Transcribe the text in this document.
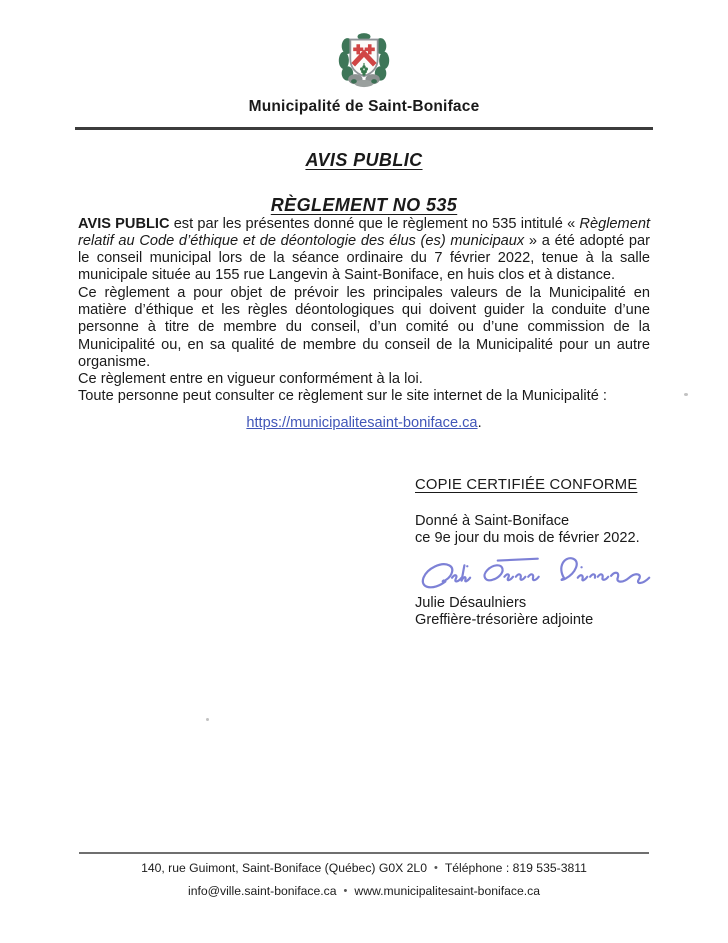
Municipalité de Saint-Boniface
AVIS PUBLIC
RÈGLEMENT NO 535

AVIS PUBLIC est par les présentes donné que le règlement no 535 intitulé « Règlement relatif au Code d’éthique et de déontologie des élus (es) municipaux » a été adopté par le conseil municipal lors de la séance ordinaire du 7 février 2022, tenue à la salle municipale située au 155 rue Langevin à Saint-Boniface, en huis clos et à distance.

Ce règlement a pour objet de prévoir les principales valeurs de la Municipalité en matière d’éthique et les règles déontologiques qui doivent guider la conduite d’une personne à titre de membre du conseil, d’un comité ou d’une commission de la Municipalité ou, en sa qualité de membre du conseil de la Municipalité pour un autre organisme.

Ce règlement entre en vigueur conformément à la loi.

Toute personne peut consulter ce règlement sur le site internet de la Municipalité :

https://municipalitesaint-boniface.ca.
COPIE CERTIFIÉE CONFORME
Donné à Saint-Boniface
ce 9e jour du mois de février 2022.
Julie Désaulniers
Greffière-trésorière adjointe
140, rue Guimont, Saint-Boniface (Québec) G0X 2L0 • Téléphone : 819 535-3811
info@ville.saint-boniface.ca • www.municipalitesaint-boniface.ca
